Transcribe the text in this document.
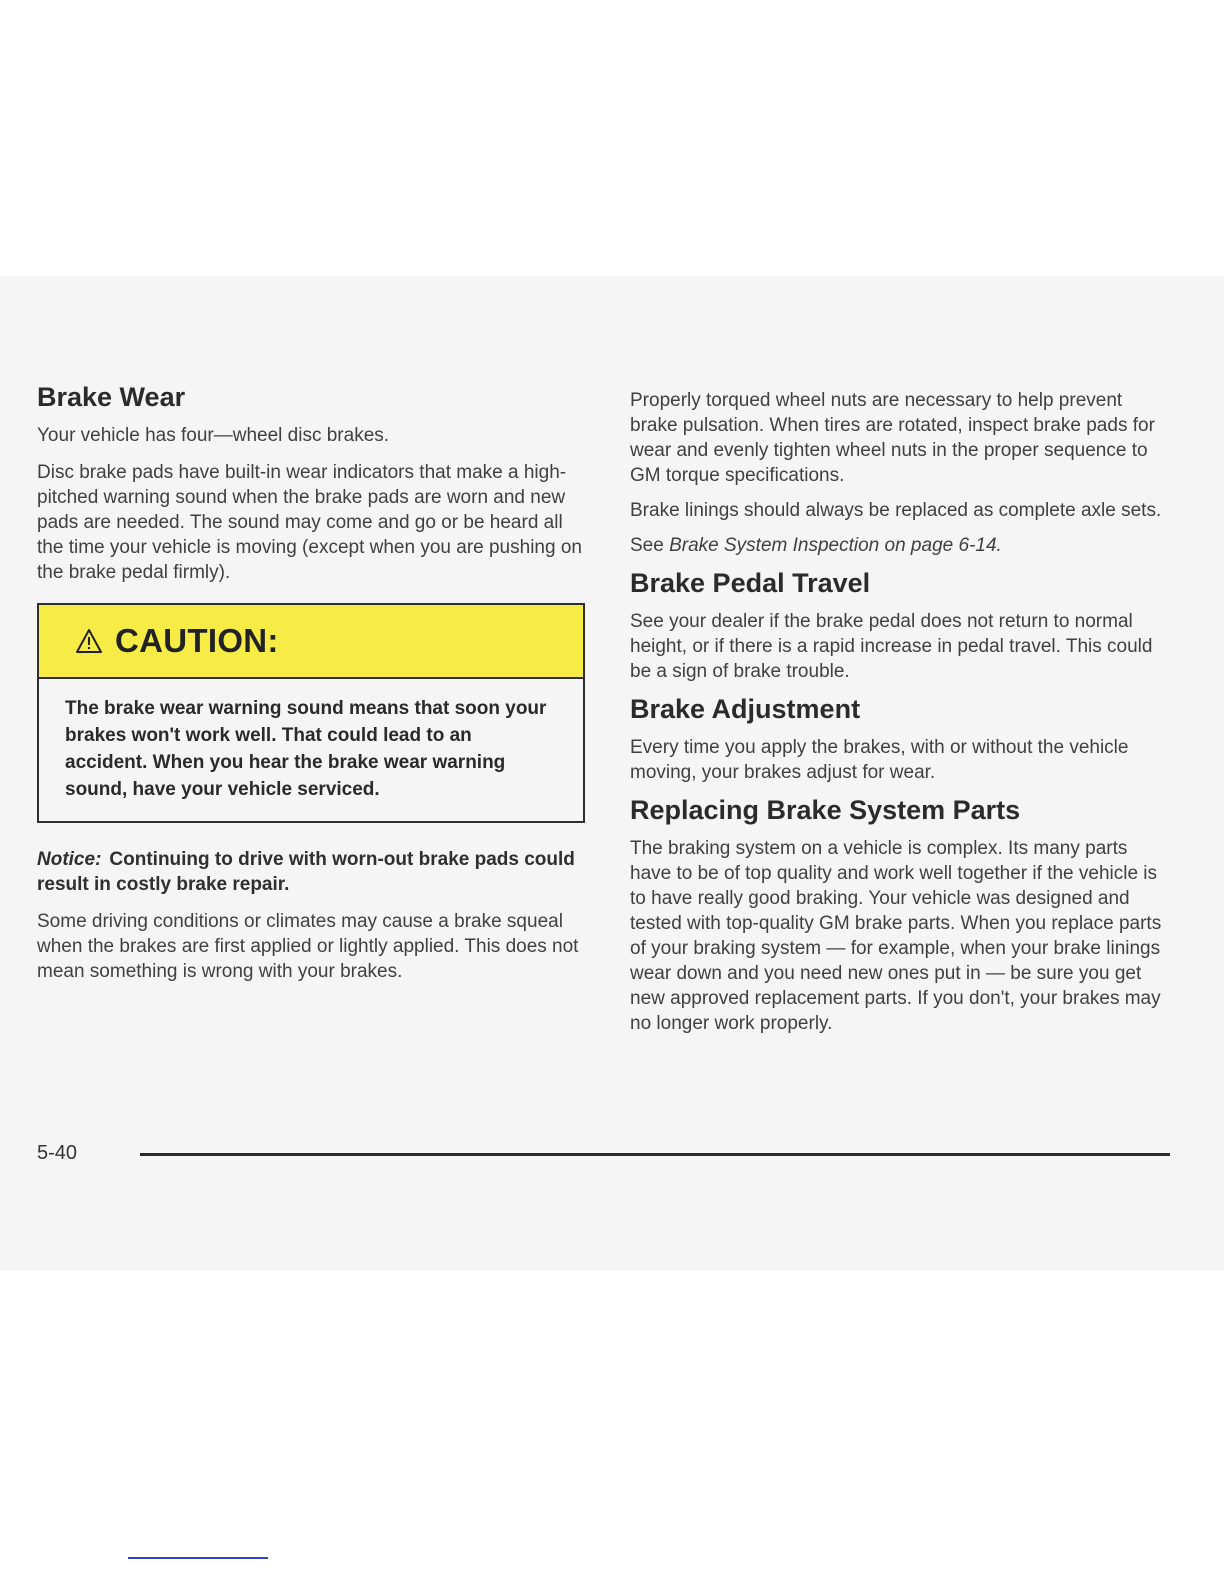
Brake Wear

Your vehicle has four—wheel disc brakes.

Disc brake pads have built-in wear indicators that make a high-pitched warning sound when the brake pads are worn and new pads are needed. The sound may come and go or be heard all the time your vehicle is moving (except when you are pushing on the brake pedal firmly).

CAUTION:
The brake wear warning sound means that soon your brakes won't work well. That could lead to an accident. When you hear the brake wear warning sound, have your vehicle serviced.

Notice: Continuing to drive with worn-out brake pads could result in costly brake repair.

Some driving conditions or climates may cause a brake squeal when the brakes are first applied or lightly applied. This does not mean something is wrong with your brakes.

Properly torqued wheel nuts are necessary to help prevent brake pulsation. When tires are rotated, inspect brake pads for wear and evenly tighten wheel nuts in the proper sequence to GM torque specifications.

Brake linings should always be replaced as complete axle sets.

See Brake System Inspection on page 6-14.

Brake Pedal Travel

See your dealer if the brake pedal does not return to normal height, or if there is a rapid increase in pedal travel. This could be a sign of brake trouble.

Brake Adjustment

Every time you apply the brakes, with or without the vehicle moving, your brakes adjust for wear.

Replacing Brake System Parts

The braking system on a vehicle is complex. Its many parts have to be of top quality and work well together if the vehicle is to have really good braking. Your vehicle was designed and tested with top-quality GM brake parts. When you replace parts of your braking system — for example, when your brake linings wear down and you need new ones put in — be sure you get new approved replacement parts. If you don't, your brakes may no longer work properly.

5-40
